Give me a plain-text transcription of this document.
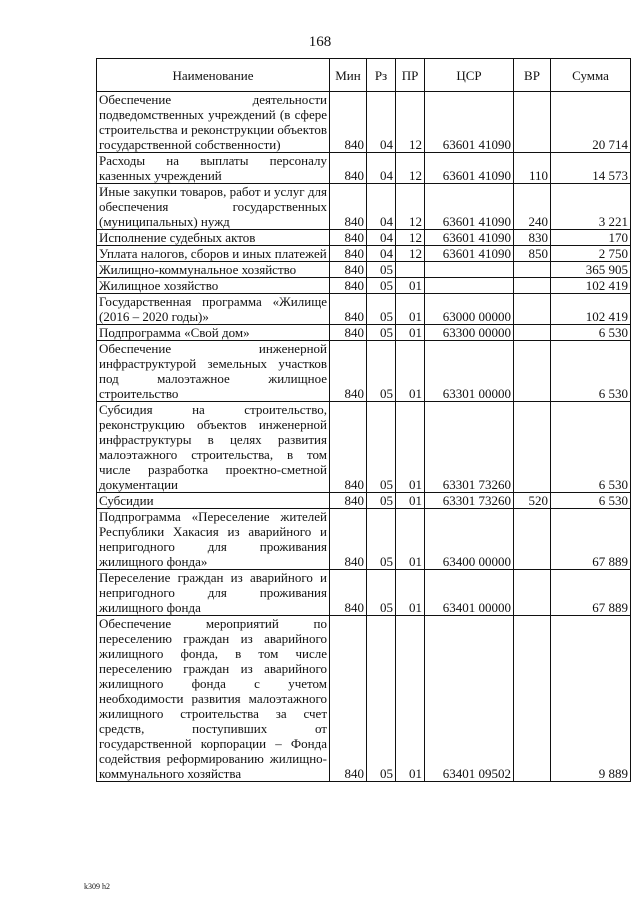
168
Наименование	Мин	Рз	ПР	ЦСР	ВР	Сумма
Обеспечение деятельности подведомственных учреждений (в сфере строительства и реконструкции объектов государственной собственности)	840	04	12	63601 41090		20 714
Расходы на выплаты персоналу казенных учреждений	840	04	12	63601 41090	110	14 573
Иные закупки товаров, работ и услуг для обеспечения государственных (муниципальных) нужд	840	04	12	63601 41090	240	3 221
Исполнение судебных актов	840	04	12	63601 41090	830	170
Уплата налогов, сборов и иных платежей	840	04	12	63601 41090	850	2 750
Жилищно-коммунальное хозяйство	840	05				365 905
Жилищное хозяйство	840	05	01			102 419
Государственная программа «Жилище (2016 – 2020 годы)»	840	05	01	63000 00000		102 419
Подпрограмма «Свой дом»	840	05	01	63300 00000		6 530
Обеспечение инженерной инфраструктурой земельных участков под малоэтажное жилищное строительство	840	05	01	63301 00000		6 530
Субсидия на строительство, реконструкцию объектов инженерной инфраструктуры в целях развития малоэтажного строительства, в том числе разработка проектно-сметной документации	840	05	01	63301 73260		6 530
Субсидии	840	05	01	63301 73260	520	6 530
Подпрограмма «Переселение жителей Республики Хакасия из аварийного и непригодного для проживания жилищного фонда»	840	05	01	63400 00000		67 889
Переселение граждан из аварийного и непригодного для проживания жилищного фонда	840	05	01	63401 00000		67 889
Обеспечение мероприятий по переселению граждан из аварийного жилищного фонда, в том числе переселению граждан из аварийного жилищного фонда с учетом необходимости развития малоэтажного жилищного строительства за счет средств, поступивших от государственной корпорации – Фонда содействия реформированию жилищно-коммунального хозяйства	840	05	01	63401 09502		9 889
k309 h2
